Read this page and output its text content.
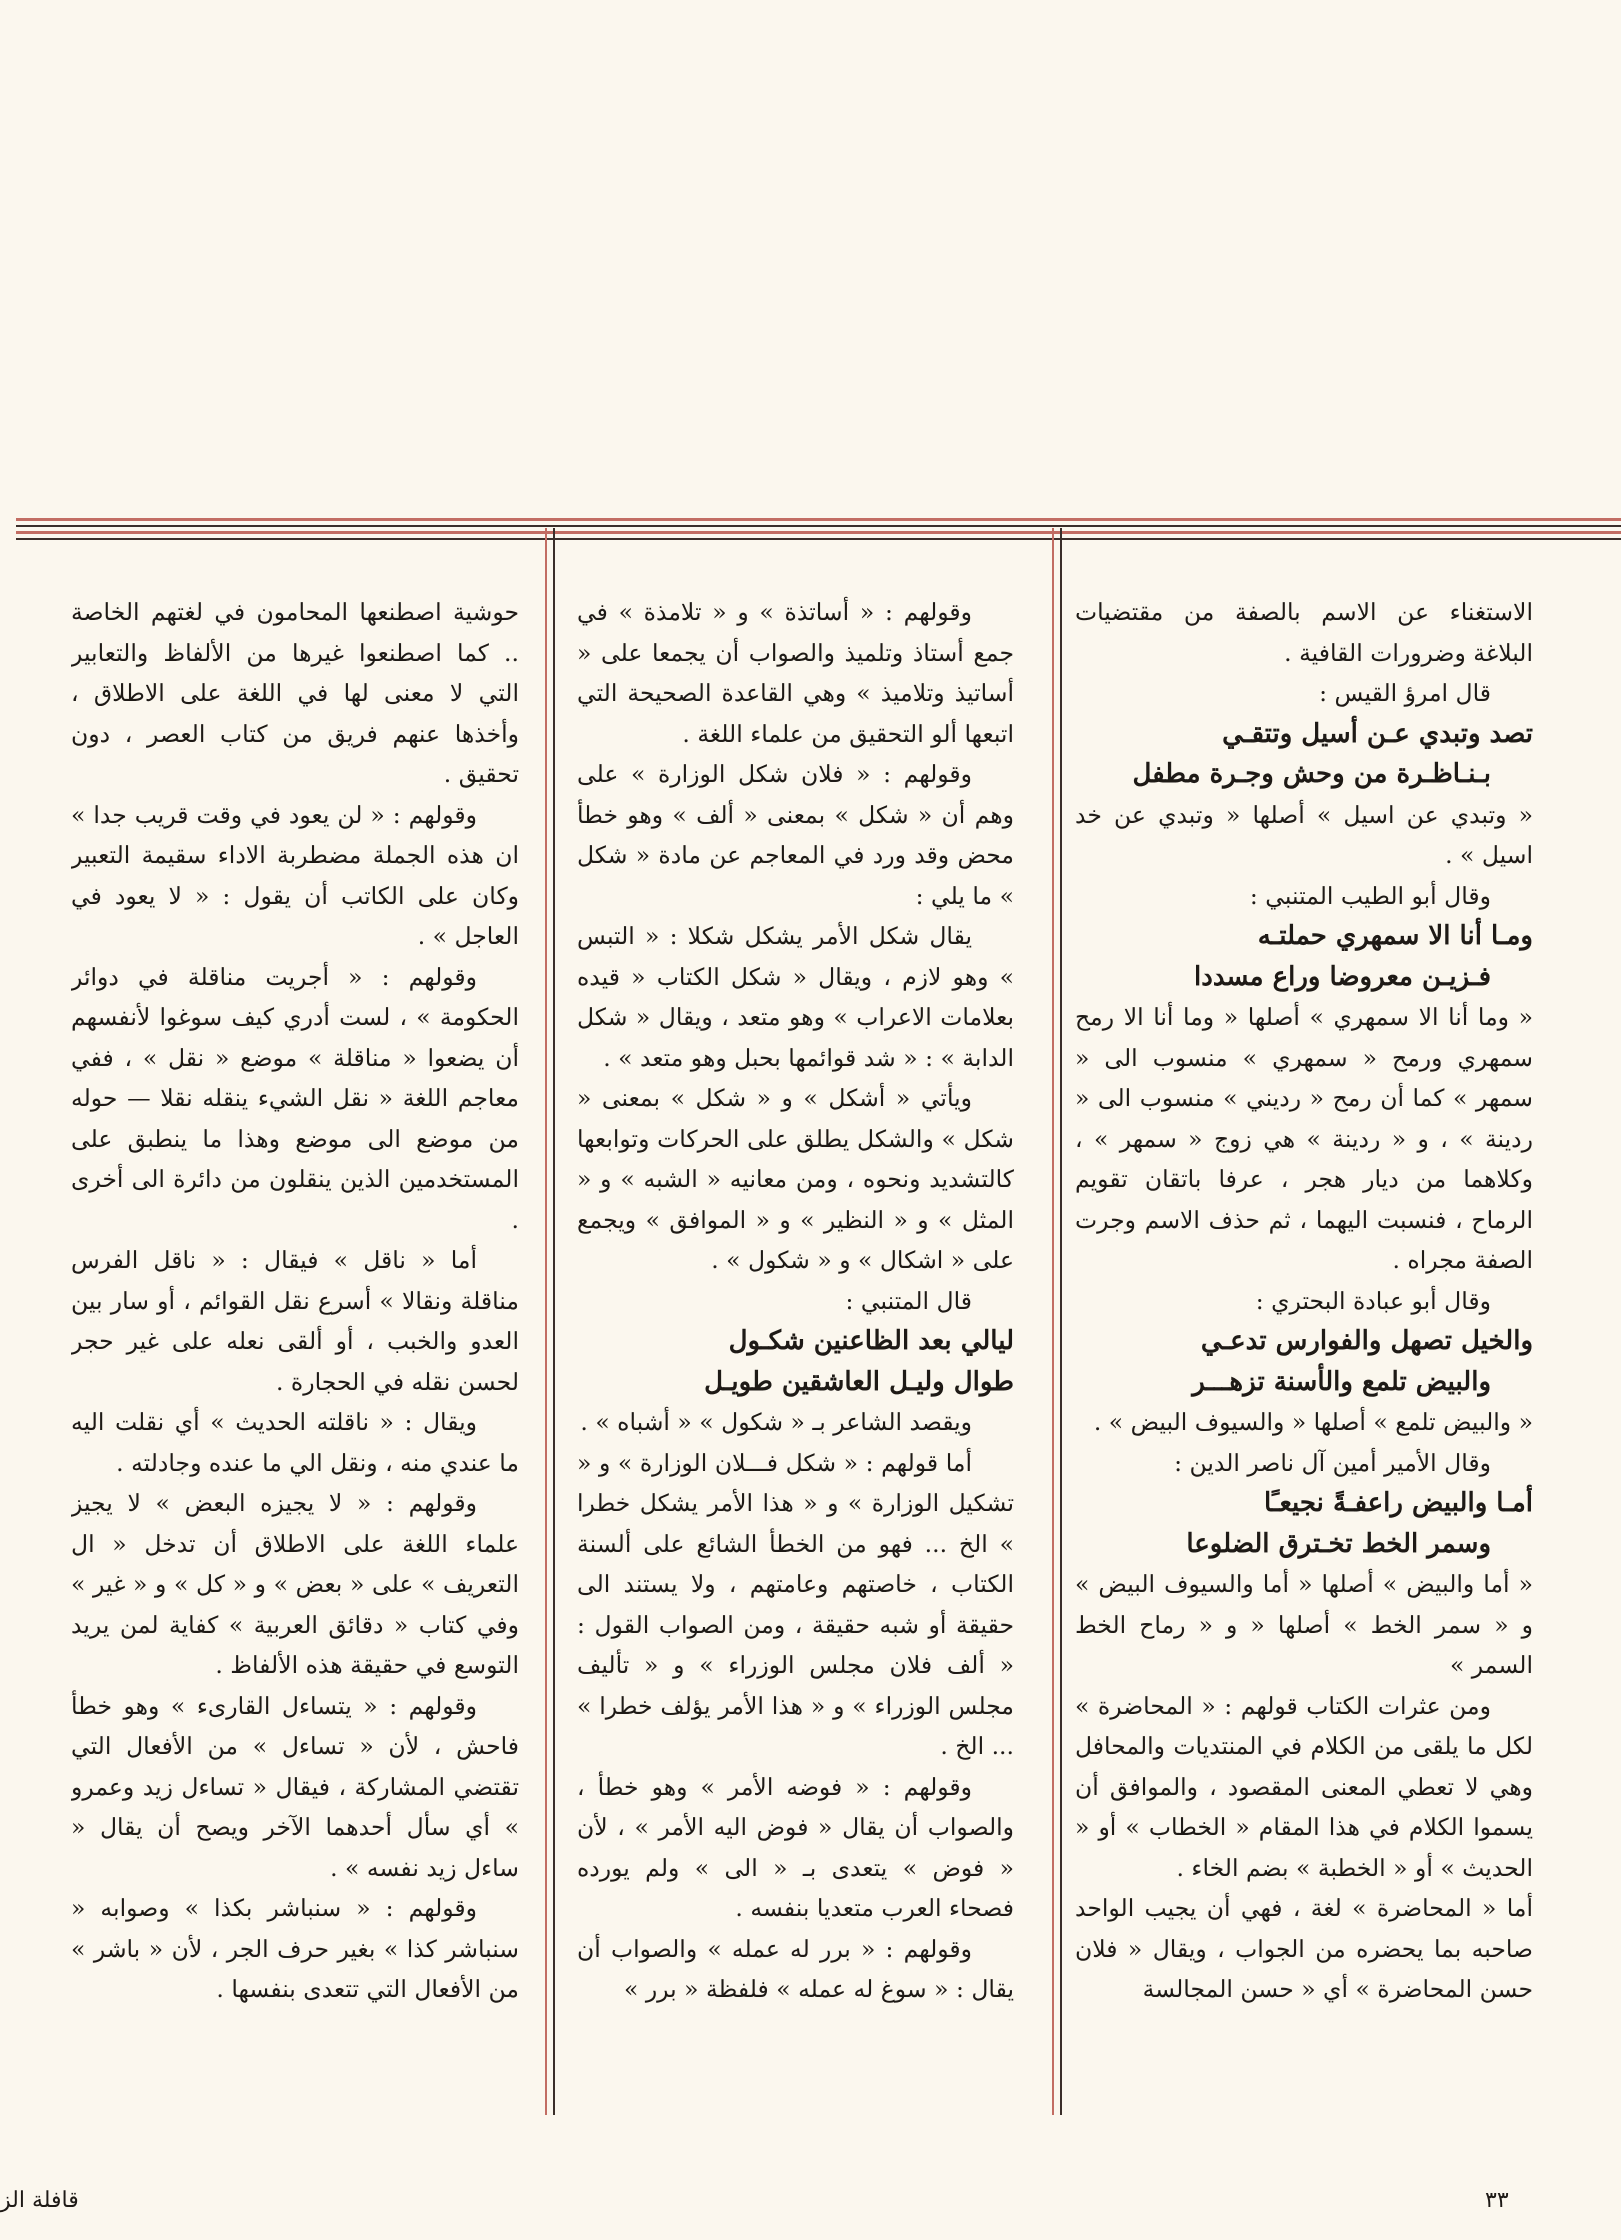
الاستغناء عن الاسم بالصفة من مقتضيات البلاغة وضرورات القافية .

قال امرؤ القيس :

تصد وتبدي عـن أسيل وتتقـي

بـنـاظـرة من وحش وجـرة مطفل

« وتبدي عن اسيل » أصلها « وتبدي عن خد اسيل » .

وقال أبو الطيب المتنبي :

ومـا أنا الا سمهري حملتـه

فـزيـن معروضا وراع مسددا

« وما أنا الا سمهري » أصلها « وما أنا الا رمح سمهري ورمح « سمهري » منسوب الى « سمهر » كما أن رمح « رديني » منسوب الى « ردينة » ، و « ردينة » هي زوج « سمهر » ، وكلاهما من ديار هجر ، عرفا باتقان تقويم الرماح ، فنسبت اليهما ، ثم حذف الاسم وجرت الصفة مجراه .

وقال أبو عبادة البحتري :

والخيل تصهل والفوارس تدعـي

والبيض تلمع والأسنة تزهـــر

« والبيض تلمع » أصلها « والسيوف البيض » .

وقال الأمير أمين آل ناصر الدين :

أمـا والبيض راعفـةً نجيعـًا

وسمر الخط تخـترق الضلوعا

« أما والبيض » أصلها « أما والسيوف البيض » و « سمر الخط » أصلها « و « رماح الخط السمر »

ومن عثرات الكتاب قولهم : « المحاضرة » لكل ما يلقى من الكلام في المنتديات والمحافل وهي لا تعطي المعنى المقصود ، والموافق أن يسموا الكلام في هذا المقام « الخطاب » أو « الحديث » أو « الخطبة » بضم الخاء .

أما « المحاضرة » لغة ، فهي أن يجيب الواحد صاحبه بما يحضره من الجواب ، ويقال « فلان حسن المحاضرة » أي « حسن المجالسة

وقولهم : « أساتذة » و « تلامذة » في جمع أستاذ وتلميذ والصواب أن يجمعا على « أساتيذ وتلاميذ » وهي القاعدة الصحيحة التي اتبعها ألو التحقيق من علماء اللغة .

وقولهم : « فلان شكل الوزارة » على وهم أن « شكل » بمعنى « ألف » وهو خطأ محض وقد ورد في المعاجم عن مادة « شكل » ما يلي :

يقال شكل الأمر يشكل شكلا : « التبس » وهو لازم ، ويقال « شكل الكتاب « قيده بعلامات الاعراب » وهو متعد ، ويقال « شكل الدابة » : « شد قوائمها بحبل وهو متعد » .

ويأتي « أشكل » و « شكل » بمعنى « شكل » والشكل يطلق على الحركات وتوابعها كالتشديد ونحوه ، ومن معانيه « الشبه » و « المثل » و « النظير » و « الموافق » ويجمع على « اشكال » و « شكول » .

قال المتنبي :

ليالي بعد الظاعنين شكـول

طوال وليـل العاشقين طويـل

ويقصد الشاعر بـ « شكول » « أشباه » .

أما قولهم : « شكل فـــلان الوزارة » و « تشكيل الوزارة » و « هذا الأمر يشكل خطرا » الخ ... فهو من الخطأ الشائع على ألسنة الكتاب ، خاصتهم وعامتهم ، ولا يستند الى حقيقة أو شبه حقيقة ، ومن الصواب القول : « ألف فلان مجلس الوزراء » و « تأليف مجلس الوزراء » و « هذا الأمر يؤلف خطرا » ... الخ .

وقولهم : « فوضه الأمر » وهو خطأ ، والصواب أن يقال « فوض اليه الأمر » ، لأن « فوض » يتعدى بـ « الى » ولم يورده فصحاء العرب متعديا بنفسه .

وقولهم : « برر له عمله » والصواب أن يقال : « سوغ له عمله » فلفظة « برر »

حوشية اصطنعها المحامون في لغتهم الخاصة .. كما اصطنعوا غيرها من الألفاظ والتعابير التي لا معنى لها في اللغة على الاطلاق ، وأخذها عنهم فريق من كتاب العصر ، دون تحقيق .

وقولهم : « لن يعود في وقت قريب جدا » ان هذه الجملة مضطربة الاداء سقيمة التعبير وكان على الكاتب أن يقول : « لا يعود في العاجل » .

وقولهم : « أجريت مناقلة في دوائر الحكومة » ، لست أدري كيف سوغوا لأنفسهم أن يضعوا « مناقلة » موضع « نقل » ، ففي معاجم اللغة « نقل الشيء ينقله نقلا — حوله من موضع الى موضع وهذا ما ينطبق على المستخدمين الذين ينقلون من دائرة الى أخرى .

أما « ناقل » فيقال : « ناقل الفرس مناقلة ونقالا » أسرع نقل القوائم ، أو سار بين العدو والخبب ، أو ألقى نعله على غير حجر لحسن نقله في الحجارة .

ويقال : « ناقلته الحديث » أي نقلت اليه ما عندي منه ، ونقل الي ما عنده وجادلته .

وقولهم : « لا يجيزه البعض » لا يجيز علماء اللغة على الاطلاق أن تدخل « ال التعريف » على « بعض » و « كل » و « غير » وفي كتاب « دقائق العربية » كفاية لمن يريد التوسع في حقيقة هذه الألفاظ .

وقولهم : « يتساءل القارىء » وهو خطأ فاحش ، لأن « تساءل » من الأفعال التي تقتضي المشاركة ، فيقال « تساءل زيد وعمرو » أي سأل أحدهما الآخر ويصح أن يقال « ساءل زيد نفسه » .

وقولهم : « سنباشر بكذا » وصوابه « سنباشر كذا » بغير حرف الجر ، لأن « باشر » من الأفعال التي تتعدى بنفسها .

٣٣
قافلة الز
